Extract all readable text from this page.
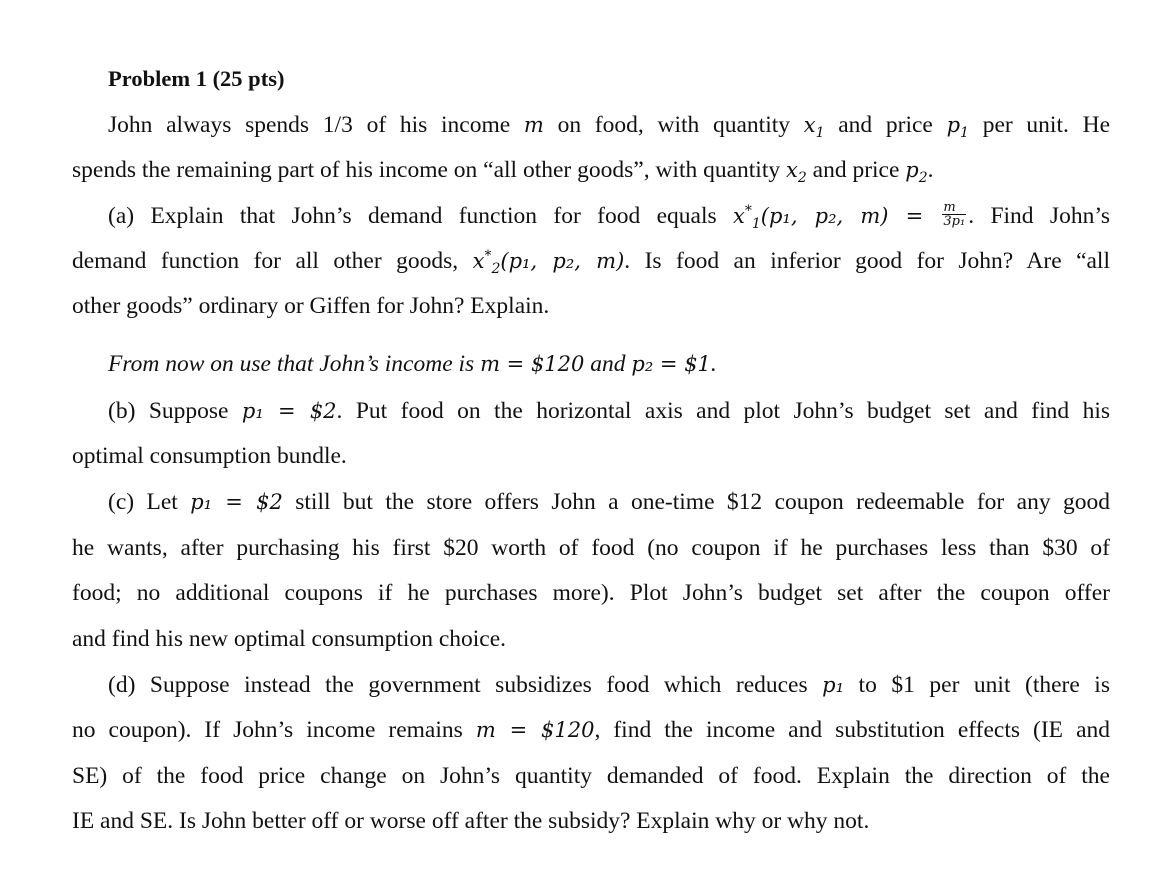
Problem 1 (25 pts)
John always spends 1/3 of his income m on food, with quantity $x_1$ and price $p_1$ per unit. He
spends the remaining part of his income on “all other goods”, with quantity $x_2$ and price $p_2$.
(a) Explain that John’s demand function for food equals $x^*_1(p_1$, p₂, $m) = \frac{m}{\text{3p₁}}$ . Find John’s
demand function for all other goods, $x^*_2(p_1$, p₂, m). Is food an inferior good for John? Are “all
other goods” ordinary or Giffen for John? Explain.
From now on use that John’s income is m = $120 and p₂ = $1.
(b) Suppose p₁ = $2. Put food on the horizontal axis and plot John’s budget set and find his
optimal consumption bundle.
(c) Let p₁ = $2 still but the store offers John a one-time $12 coupon redeemable for any good
he wants, after purchasing his first $20 worth of food (no coupon if he purchases less than $30 of
food; no additional coupons if he purchases more). Plot John’s budget set after the coupon offer
and find his new optimal consumption choice.
(d) Suppose instead the government subsidizes food which reduces p₁ to $1 per unit (there is
no coupon). If John’s income remains m = $120, find the income and substitution effects (IE and
SE) of the food price change on John’s quantity demanded of food. Explain the direction of the
IE and SE. Is John better off or worse off after the subsidy? Explain why or why not.
